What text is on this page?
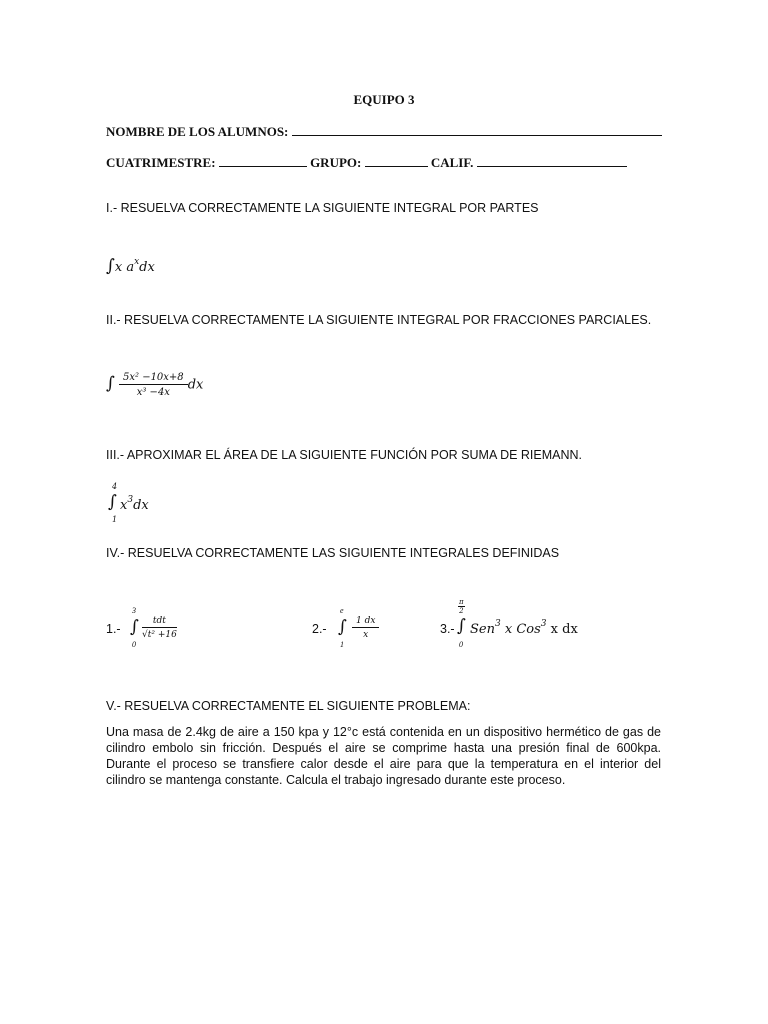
EQUIPO 3
NOMBRE DE LOS ALUMNOS:
CUATRIMESTRE:	GRUPO:	CALIF.
I.- RESUELVA CORRECTAMENTE LA SIGUIENTE INTEGRAL POR PARTES
∫x $a^xdx$
II.- RESUELVA CORRECTAMENTE LA SIGUIENTE INTEGRAL POR FRACCIONES PARCIALES.
∫ $\frac{\text{5x² −10x+8}}{\text{x³ −4x}}$ dx
III.- APROXIMAR EL ÁREA DE LA SIGUIENTE FUNCIÓN POR SUMA DE RIEMANN.
4
∫ $x^3dx$
1
IV.- RESUELVA CORRECTAMENTE LAS SIGUIENTE INTEGRALES DEFINIDAS
1.-
3
∫
0
tdt
√t² +16	2.-
e
∫
1
$\frac{1 dx}{x}$	3.-
$\frac{\pi}{2}$
∫
0
Sen$^3$ x Cos$^3$ x dx
V.- RESUELVA CORRECTAMENTE EL SIGUIENTE PROBLEMA:
Una masa de 2.4kg de aire a 150 kpa y 12°c está contenida en un dispositivo hermético de gas de cilindro embolo sin fricción. Después el aire se comprime hasta una presión final de 600kpa. Durante el proceso se transfiere calor desde el aire para que la temperatura en el interior del cilindro se mantenga constante. Calcula el trabajo ingresado durante este proceso.
